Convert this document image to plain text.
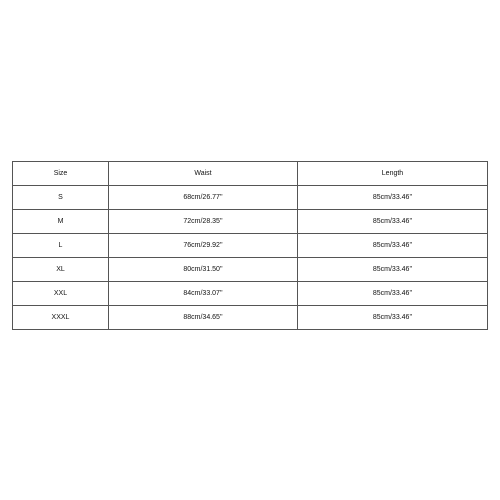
Size	Waist	Length
S	68cm/26.77''	85cm/33.46''
M	72cm/28.35''	85cm/33.46''
L	76cm/29.92''	85cm/33.46''
XL	80cm/31.50''	85cm/33.46''
XXL	84cm/33.07''	85cm/33.46''
XXXL	88cm/34.65''	85cm/33.46''
